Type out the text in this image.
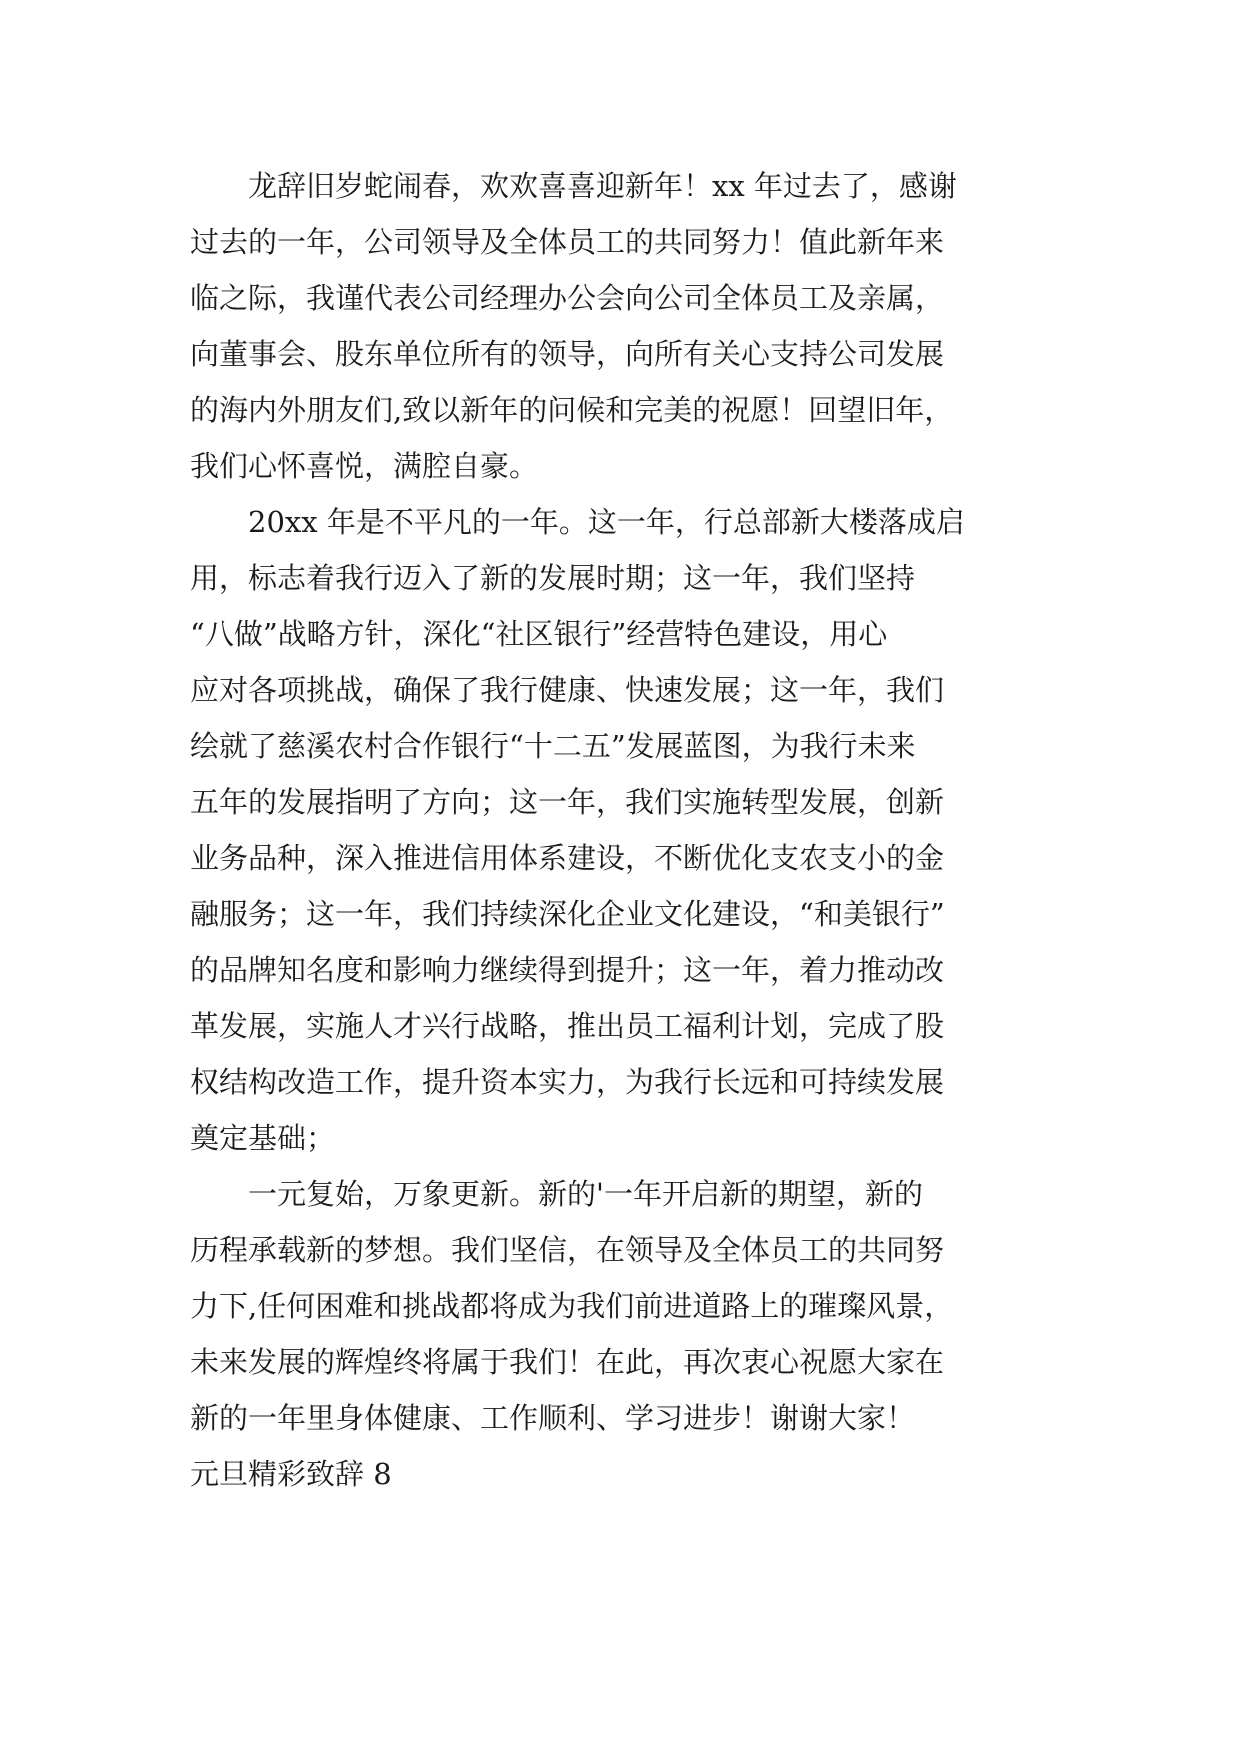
　　龙辞旧岁蛇闹春，欢欢喜喜迎新年！xx 年过去了，感谢
过去的一年，公司领导及全体员工的共同努力！值此新年来
临之际，我谨代表公司经理办公会向公司全体员工及亲属，
向董事会、股东单位所有的领导，向所有关心支持公司发展
的海内外朋友们,致以新年的问候和完美的祝愿！回望旧年，
我们心怀喜悦，满腔自豪。
　　20xx 年是不平凡的一年。这一年，行总部新大楼落成启
用，标志着我行迈入了新的发展时期；这一年，我们坚持
“八做”战略方针，深化“社区银行”经营特色建设，用心
应对各项挑战，确保了我行健康、快速发展；这一年，我们
绘就了慈溪农村合作银行“十二五”发展蓝图，为我行未来
五年的发展指明了方向；这一年，我们实施转型发展，创新
业务品种，深入推进信用体系建设，不断优化支农支小的金
融服务；这一年，我们持续深化企业文化建设，“和美银行”
的品牌知名度和影响力继续得到提升；这一年，着力推动改
革发展，实施人才兴行战略，推出员工福利计划，完成了股
权结构改造工作，提升资本实力，为我行长远和可持续发展
奠定基础；
　　一元复始，万象更新。新的'一年开启新的期望，新的
历程承载新的梦想。我们坚信，在领导及全体员工的共同努
力下,任何困难和挑战都将成为我们前进道路上的璀璨风景，
未来发展的辉煌终将属于我们！在此，再次衷心祝愿大家在
新的一年里身体健康、工作顺利、学习进步！谢谢大家！
元旦精彩致辞 8
